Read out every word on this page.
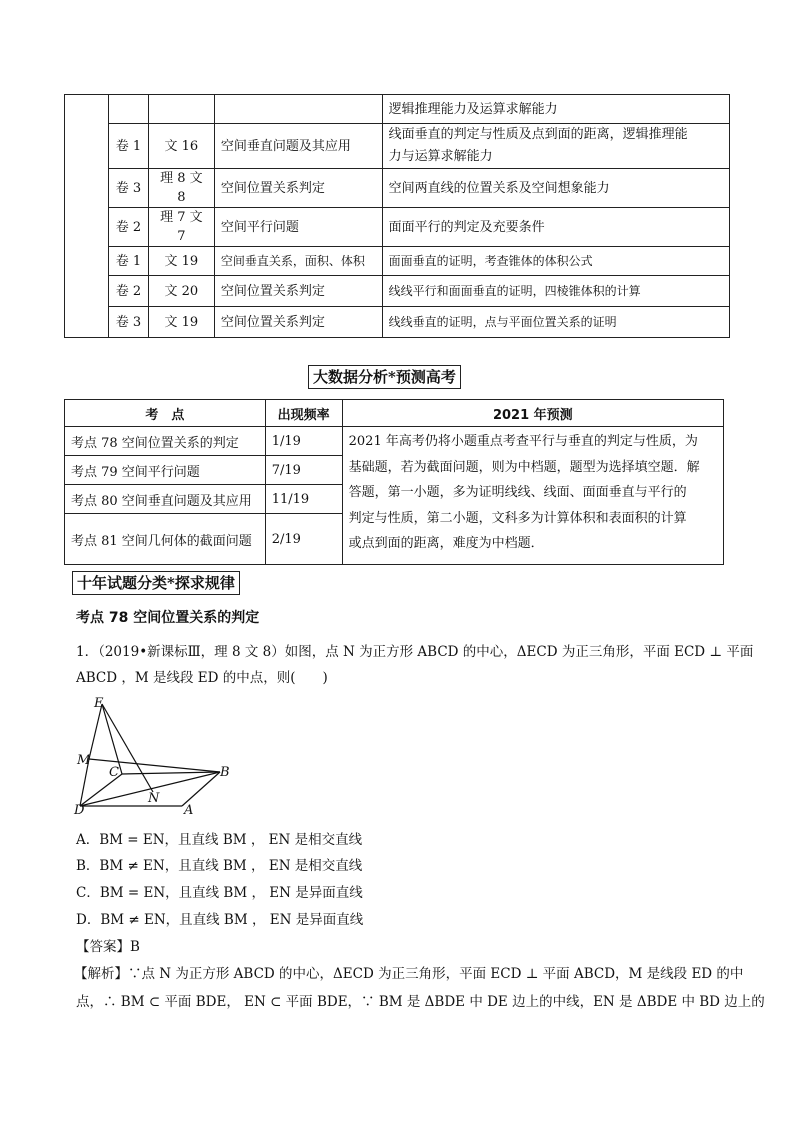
				逻辑推理能力及运算求解能力
	卷 1	文 16	空间垂直问题及其应用	线面垂直的判定与性质及点到面的距离，逻辑推理能
力与运算求解能力
	卷 3	理 8 文 8	空间位置关系判定	空间两直线的位置关系及空间想象能力
	卷 2	理 7 文 7	空间平行问题	面面平行的判定及充要条件
	卷 1	文 19	空间垂直关系，面积、体积	面面垂直的证明，考查锥体的体积公式
	卷 2	文 20	空间位置关系判定	线线平行和面面垂直的证明，四棱锥体积的计算
	卷 3	文 19	空间位置关系判定	线线垂直的证明，点与平面位置关系的证明
大数据分析*预测高考
考　点	出现频率	2021 年预测
考点 78 空间位置关系的判定	1/19	2021 年高考仍将小题重点考查平行与垂直的判定与性质，为
基础题，若为截面问题，则为中档题，题型为选择填空题．解
答题，第一小题，多为证明线线、线面、面面垂直与平行的
判定与性质，第二小题，文科多为计算体积和表面积的计算
或点到面的距离，难度为中档题．

考点 79 空间平行问题	7/19	
考点 80 空间垂直问题及其应用	11/19	
考点 81 空间几何体的截面问题	2/19	
十年试题分类*探求规律
考点 78 空间位置关系的判定
1．（2019•新课标Ⅲ，理 8 文 8）如图，点 N 为正方形 ABCD 的中心，ΔECD 为正三角形，平面 ECD ⊥ 平面
ABCD ，M 是线段 ED 的中点，则(　　)
E
M
C	B
N
D	A
A．BM = EN，且直线 BM ， EN 是相交直线
B．BM ≠ EN，且直线 BM ， EN 是相交直线
C．BM = EN，且直线 BM ， EN 是异面直线
D．BM ≠ EN，且直线 BM ， EN 是异面直线
【答案】B
【解析】∵点 N 为正方形 ABCD 的中心，ΔECD 为正三角形，平面 ECD ⊥ 平面 ABCD，M 是线段 ED 的中
点，∴ BM ⊂ 平面 BDE， EN ⊂ 平面 BDE，∵ BM 是 ΔBDE 中 DE 边上的中线，EN 是 ΔBDE 中 BD 边上的
